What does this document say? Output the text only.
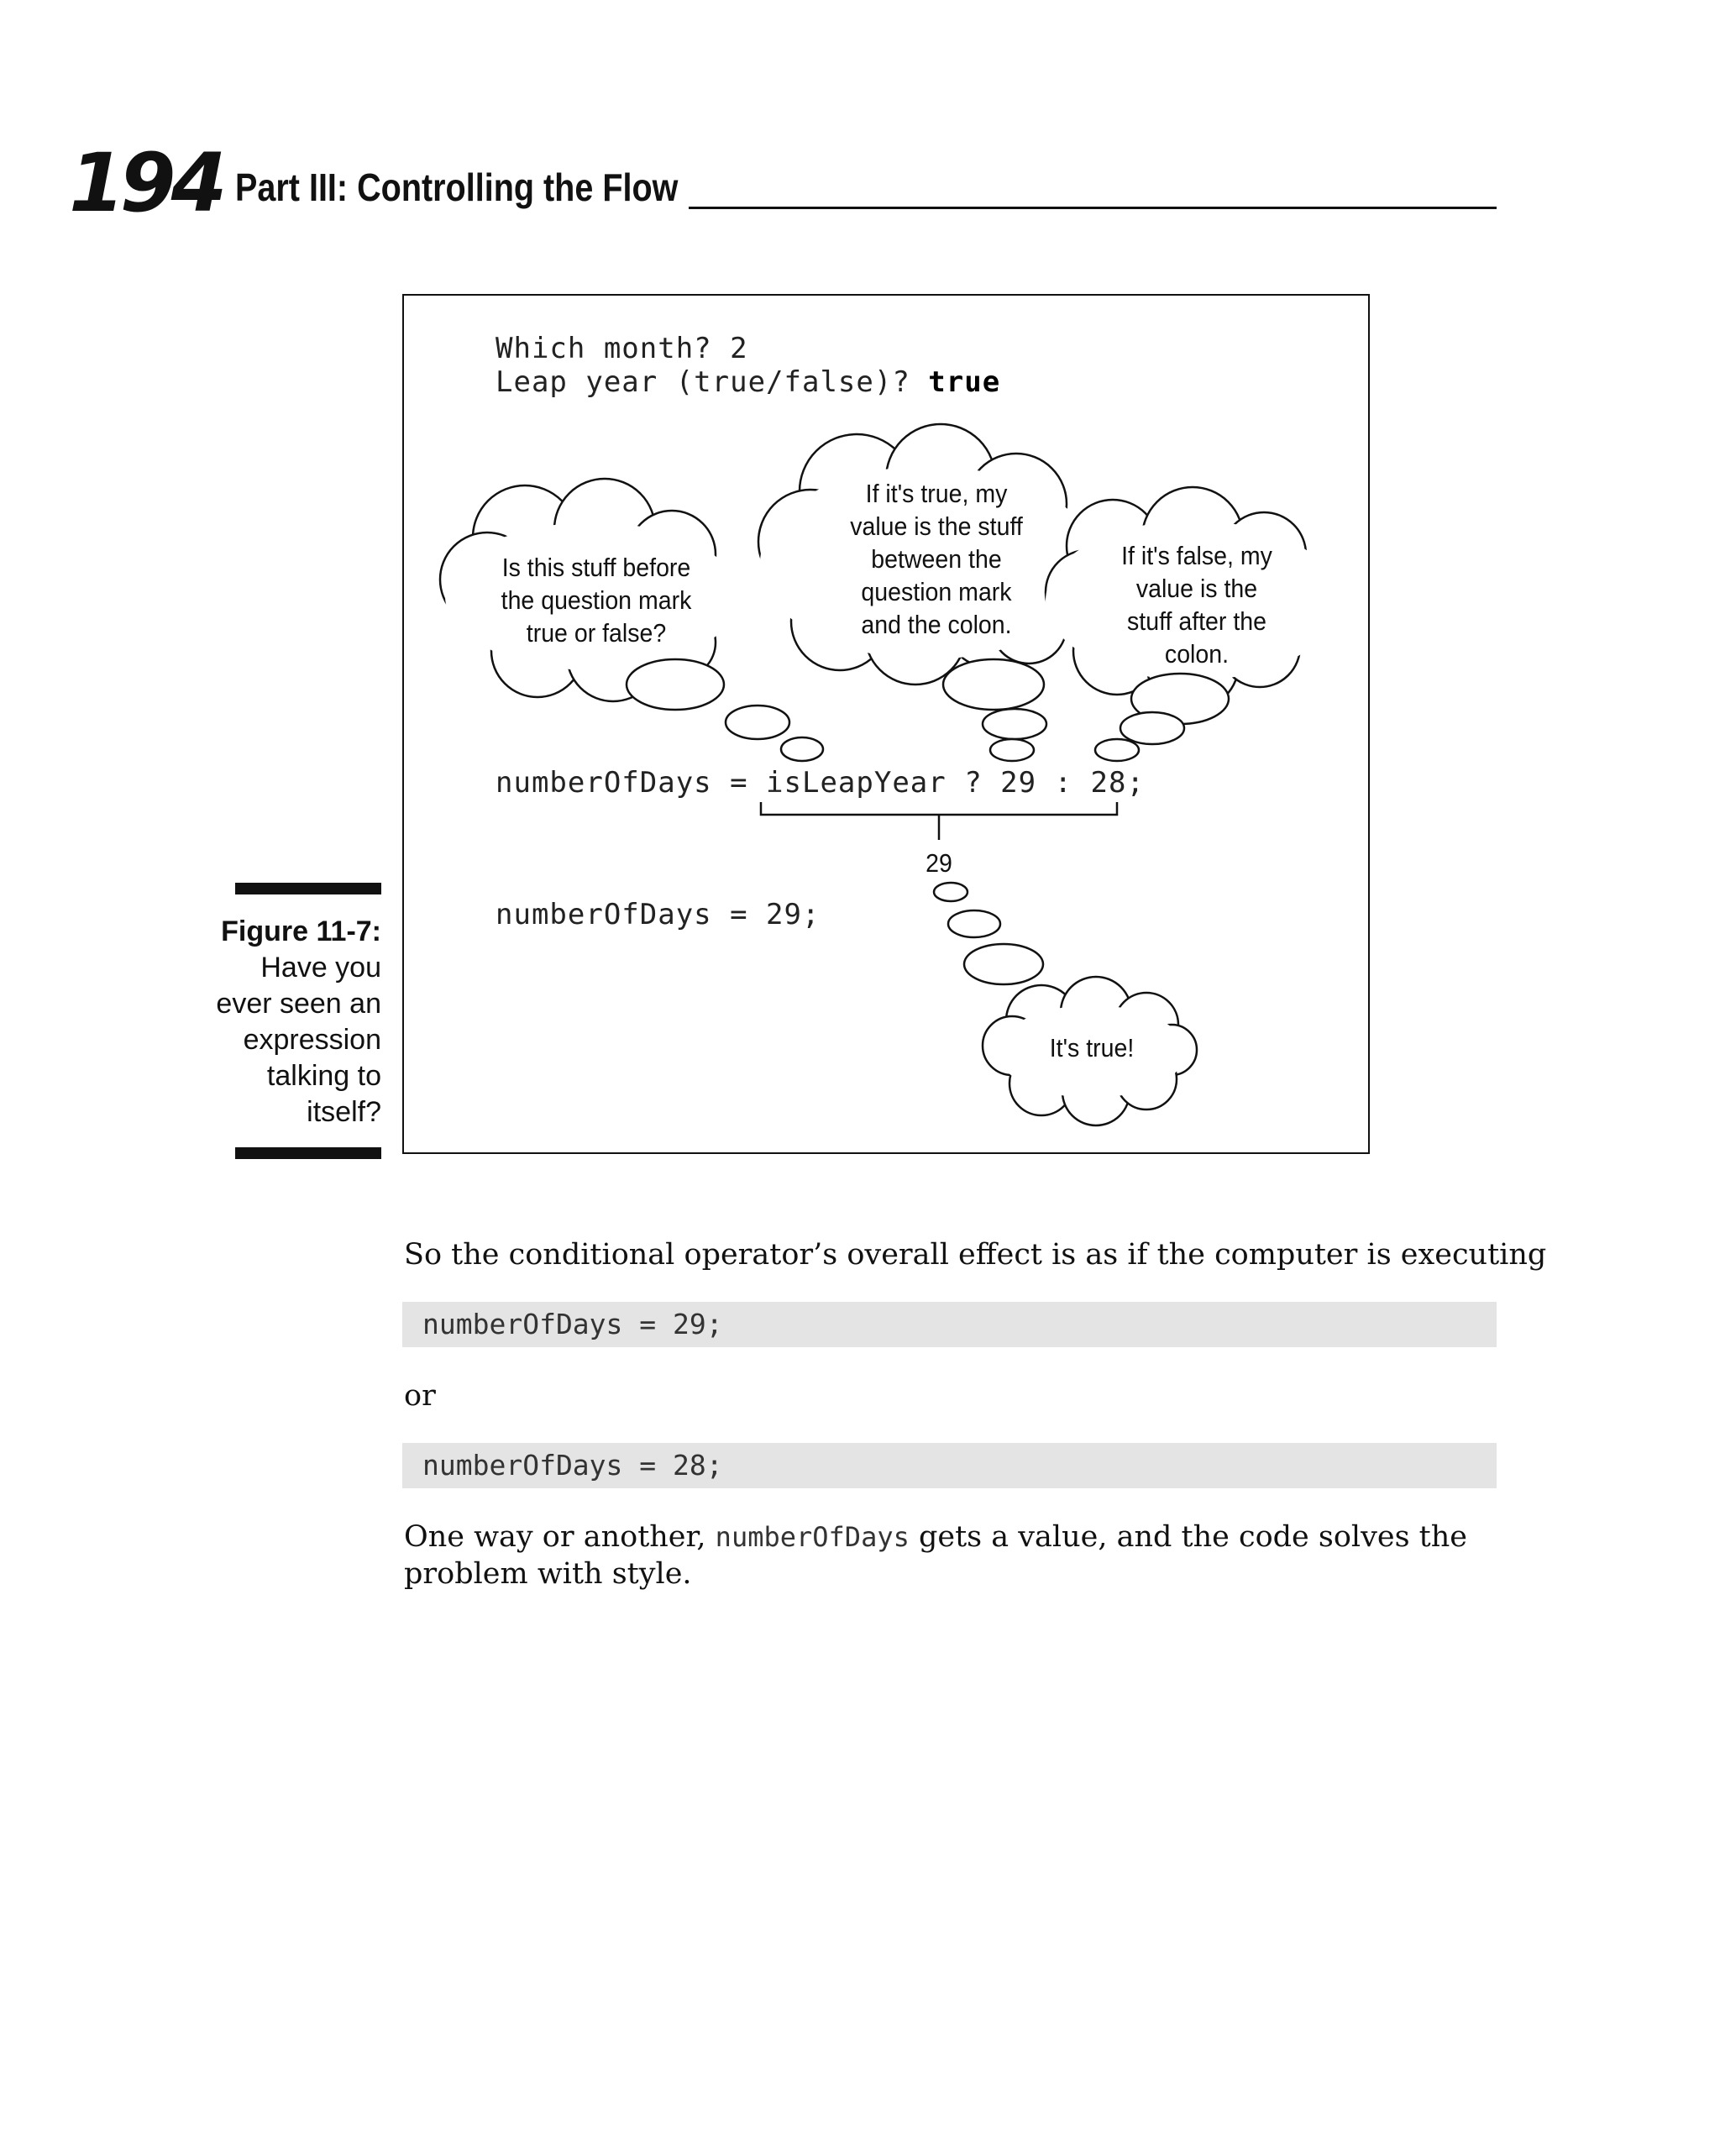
194 Part III: Controlling the Flow
Figure 11-7:
Have you
ever seen an
expression
talking to
itself?
Which month? 2
Leap year (true/false)? true
Is this stuff before
the question mark
true or false?
If it's true, my
value is the stuff
between the
question mark
and the colon.
If it's false, my
value is the
stuff after the
colon.
numberOfDays = isLeapYear ? 29 : 28;
29
numberOfDays = 29;
It's true!
So the conditional operator’s overall effect is as if the computer is executing
numberOfDays = 29;
or
numberOfDays = 28;
One way or another, numberOfDays gets a value, and the code solves the
problem with style.
